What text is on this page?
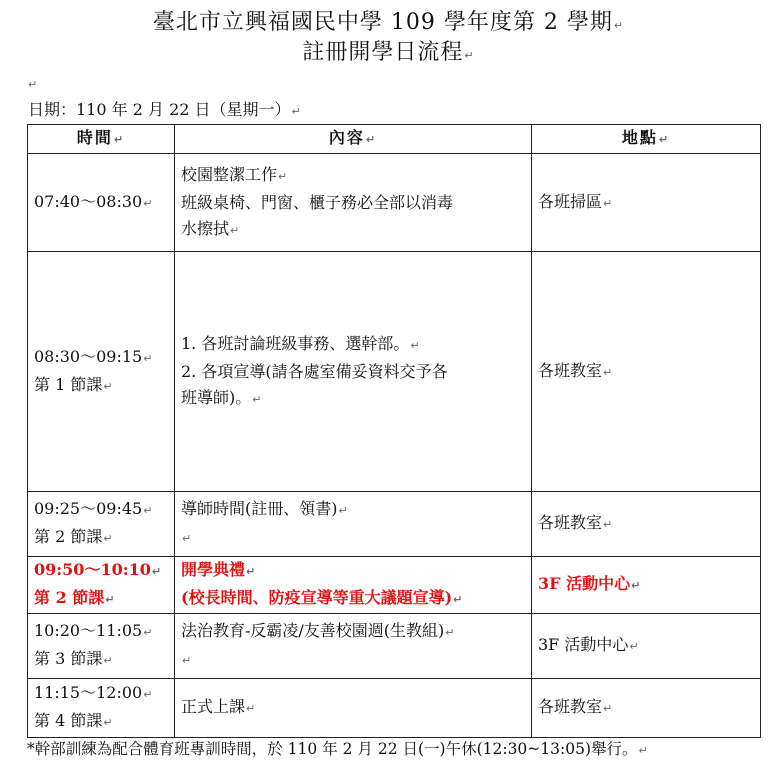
臺北市立興福國民中學 109 學年度第 2 學期↵
註冊開學日流程↵
↵
日期：110 年 2 月 22 日（星期一）↵
時間↵	內容↵	地點↵

07:40～08:30↵	校園整潔工作↵
班級桌椅、門窗、櫃子務必全部以消毒
水擦拭↵	各班掃區↵

08:30～09:15↵
第 1 節課↵	1. 各班討論班級事務、選幹部。↵
2. 各項宣導(請各處室備妥資料交予各
班導師)。↵	各班教室↵

09:25～09:45↵
第 2 節課↵	導師時間(註冊、領書)↵
↵	各班教室↵

09:50～10:10↵
第 2 節課↵	開學典禮↵
(校長時間、防疫宣導等重大議題宣導)↵	3F 活動中心↵

10:20～11:05↵
第 3 節課↵	法治教育-反霸凌/友善校園週(生教組)↵
↵	3F 活動中心↵

11:15～12:00↵
第 4 節課↵	正式上課↵	各班教室↵
*幹部訓練為配合體育班專訓時間，於 110 年 2 月 22 日(一)午休(12:30~13:05)舉行。↵
